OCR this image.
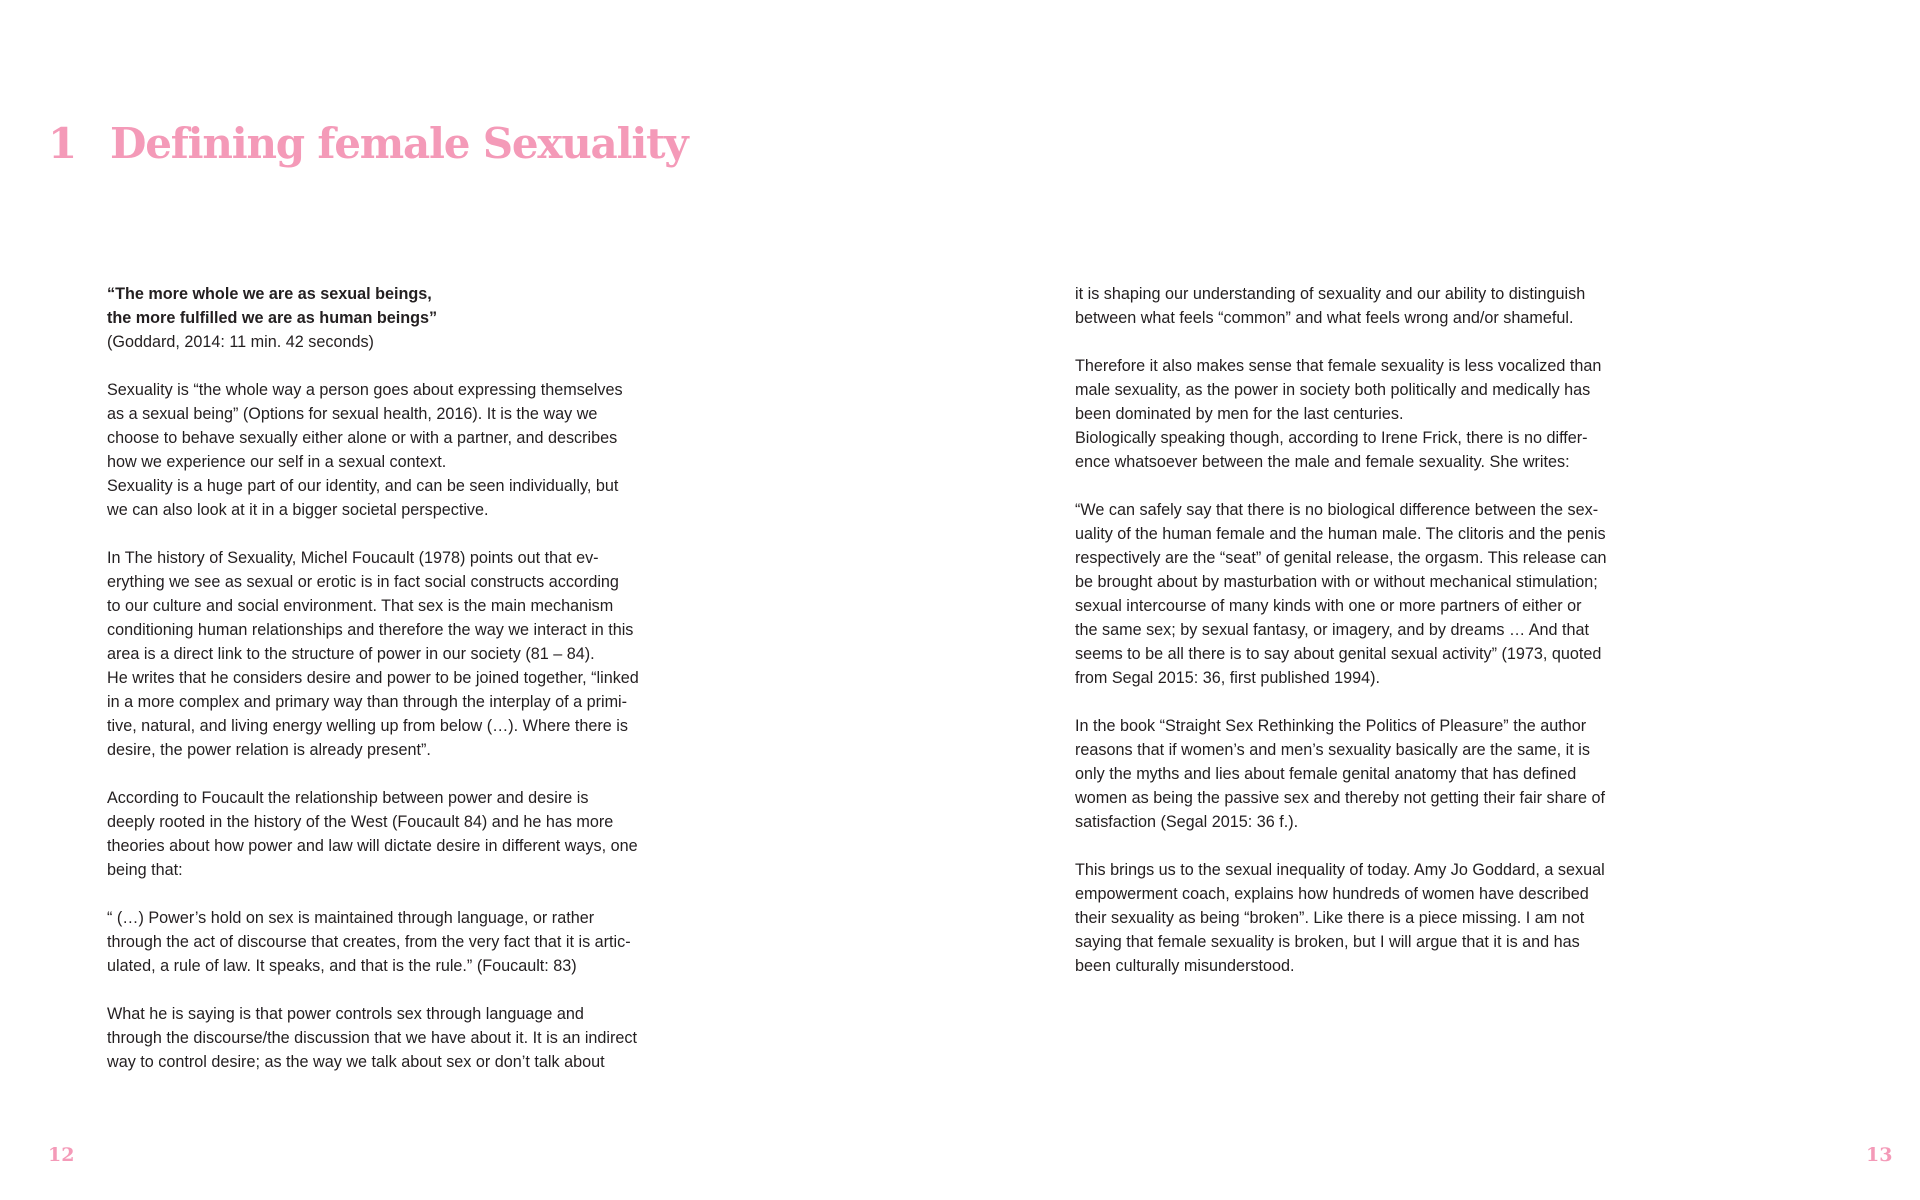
1 Defining female Sexuality

“The more whole we are as sexual beings,
the more fulfilled we are as human beings”
(Goddard, 2014: 11 min. 42 seconds)

Sexuality is “the whole way a person goes about expressing themselves
as a sexual being” (Options for sexual health, 2016). It is the way we
choose to behave sexually either alone or with a partner, and describes
how we experience our self in a sexual context.
Sexuality is a huge part of our identity, and can be seen individually, but
we can also look at it in a bigger societal perspective.

In The history of Sexuality, Michel Foucault (1978) points out that ev-
erything we see as sexual or erotic is in fact social constructs according
to our culture and social environment. That sex is the main mechanism
conditioning human relationships and therefore the way we interact in this
area is a direct link to the structure of power in our society (81 – 84).
He writes that he considers desire and power to be joined together, “linked
in a more complex and primary way than through the interplay of a primi-
tive, natural, and living energy welling up from below (…). Where there is
desire, the power relation is already present”.

According to Foucault the relationship between power and desire is
deeply rooted in the history of the West (Foucault 84) and he has more
theories about how power and law will dictate desire in different ways, one
being that:

“ (…) Power’s hold on sex is maintained through language, or rather
through the act of discourse that creates, from the very fact that it is artic-
ulated, a rule of law. It speaks, and that is the rule.” (Foucault: 83)

What he is saying is that power controls sex through language and
through the discourse/the discussion that we have about it. It is an indirect
way to control desire; as the way we talk about sex or don’t talk about

it is shaping our understanding of sexuality and our ability to distinguish
between what feels “common” and what feels wrong and/or shameful.

Therefore it also makes sense that female sexuality is less vocalized than
male sexuality, as the power in society both politically and medically has
been dominated by men for the last centuries.
Biologically speaking though, according to Irene Frick, there is no differ-
ence whatsoever between the male and female sexuality. She writes:

“We can safely say that there is no biological difference between the sex-
uality of the human female and the human male. The clitoris and the penis
respectively are the “seat” of genital release, the orgasm. This release can
be brought about by masturbation with or without mechanical stimulation;
sexual intercourse of many kinds with one or more partners of either or
the same sex; by sexual fantasy, or imagery, and by dreams … And that
seems to be all there is to say about genital sexual activity” (1973, quoted
from Segal 2015: 36, first published 1994).

In the book “Straight Sex Rethinking the Politics of Pleasure” the author
reasons that if women’s and men’s sexuality basically are the same, it is
only the myths and lies about female genital anatomy that has defined
women as being the passive sex and thereby not getting their fair share of
satisfaction (Segal 2015: 36 f.).

This brings us to the sexual inequality of today. Amy Jo Goddard, a sexual
empowerment coach, explains how hundreds of women have described
their sexuality as being “broken”. Like there is a piece missing. I am not
saying that female sexuality is broken, but I will argue that it is and has
been culturally misunderstood.

12	13
